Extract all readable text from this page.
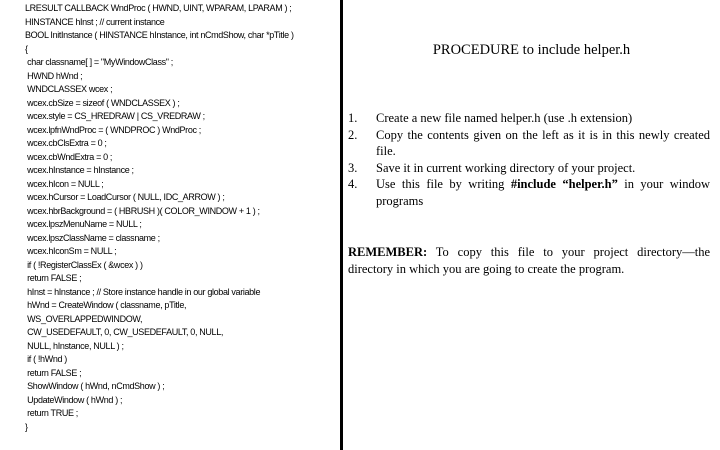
LRESULT CALLBACK WndProc ( HWND, UINT, WPARAM, LPARAM ) ;
HINSTANCE hInst ; // current instance
BOOL InitInstance ( HINSTANCE hInstance, int nCmdShow, char *pTitle )
{
char classname[ ] = "MyWindowClass" ;
HWND hWnd ;
WNDCLASSEX wcex ;
wcex.cbSize = sizeof ( WNDCLASSEX ) ;
wcex.style = CS_HREDRAW | CS_VREDRAW ;
wcex.lpfnWndProc = ( WNDPROC ) WndProc ;
wcex.cbClsExtra = 0 ;
wcex.cbWndExtra = 0 ;
wcex.hInstance = hInstance ;
wcex.hIcon = NULL ;
wcex.hCursor = LoadCursor ( NULL, IDC_ARROW ) ;
wcex.hbrBackground = ( HBRUSH )( COLOR_WINDOW + 1 ) ;
wcex.lpszMenuName = NULL ;
wcex.lpszClassName = classname ;
wcex.hIconSm = NULL ;
if ( !RegisterClassEx ( &wcex ) )
return FALSE ;
hInst = hInstance ; // Store instance handle in our global variable
hWnd = CreateWindow ( classname, pTitle,
WS_OVERLAPPEDWINDOW,
CW_USEDEFAULT, 0, CW_USEDEFAULT, 0, NULL,
NULL, hInstance, NULL ) ;
if ( !hWnd )
return FALSE ;
ShowWindow ( hWnd, nCmdShow ) ;
UpdateWindow ( hWnd ) ;
return TRUE ;
}
PROCEDURE to include helper.h
1. Create a new file named helper.h (use .h extension)
2. Copy the contents given on the left as it is in this newly created file.
3. Save it in current working directory of your project.
4. Use this file by writing #include “helper.h” in your window programs

REMEMBER: To copy this file to your project directory—the directory in which you are going to create the program.
